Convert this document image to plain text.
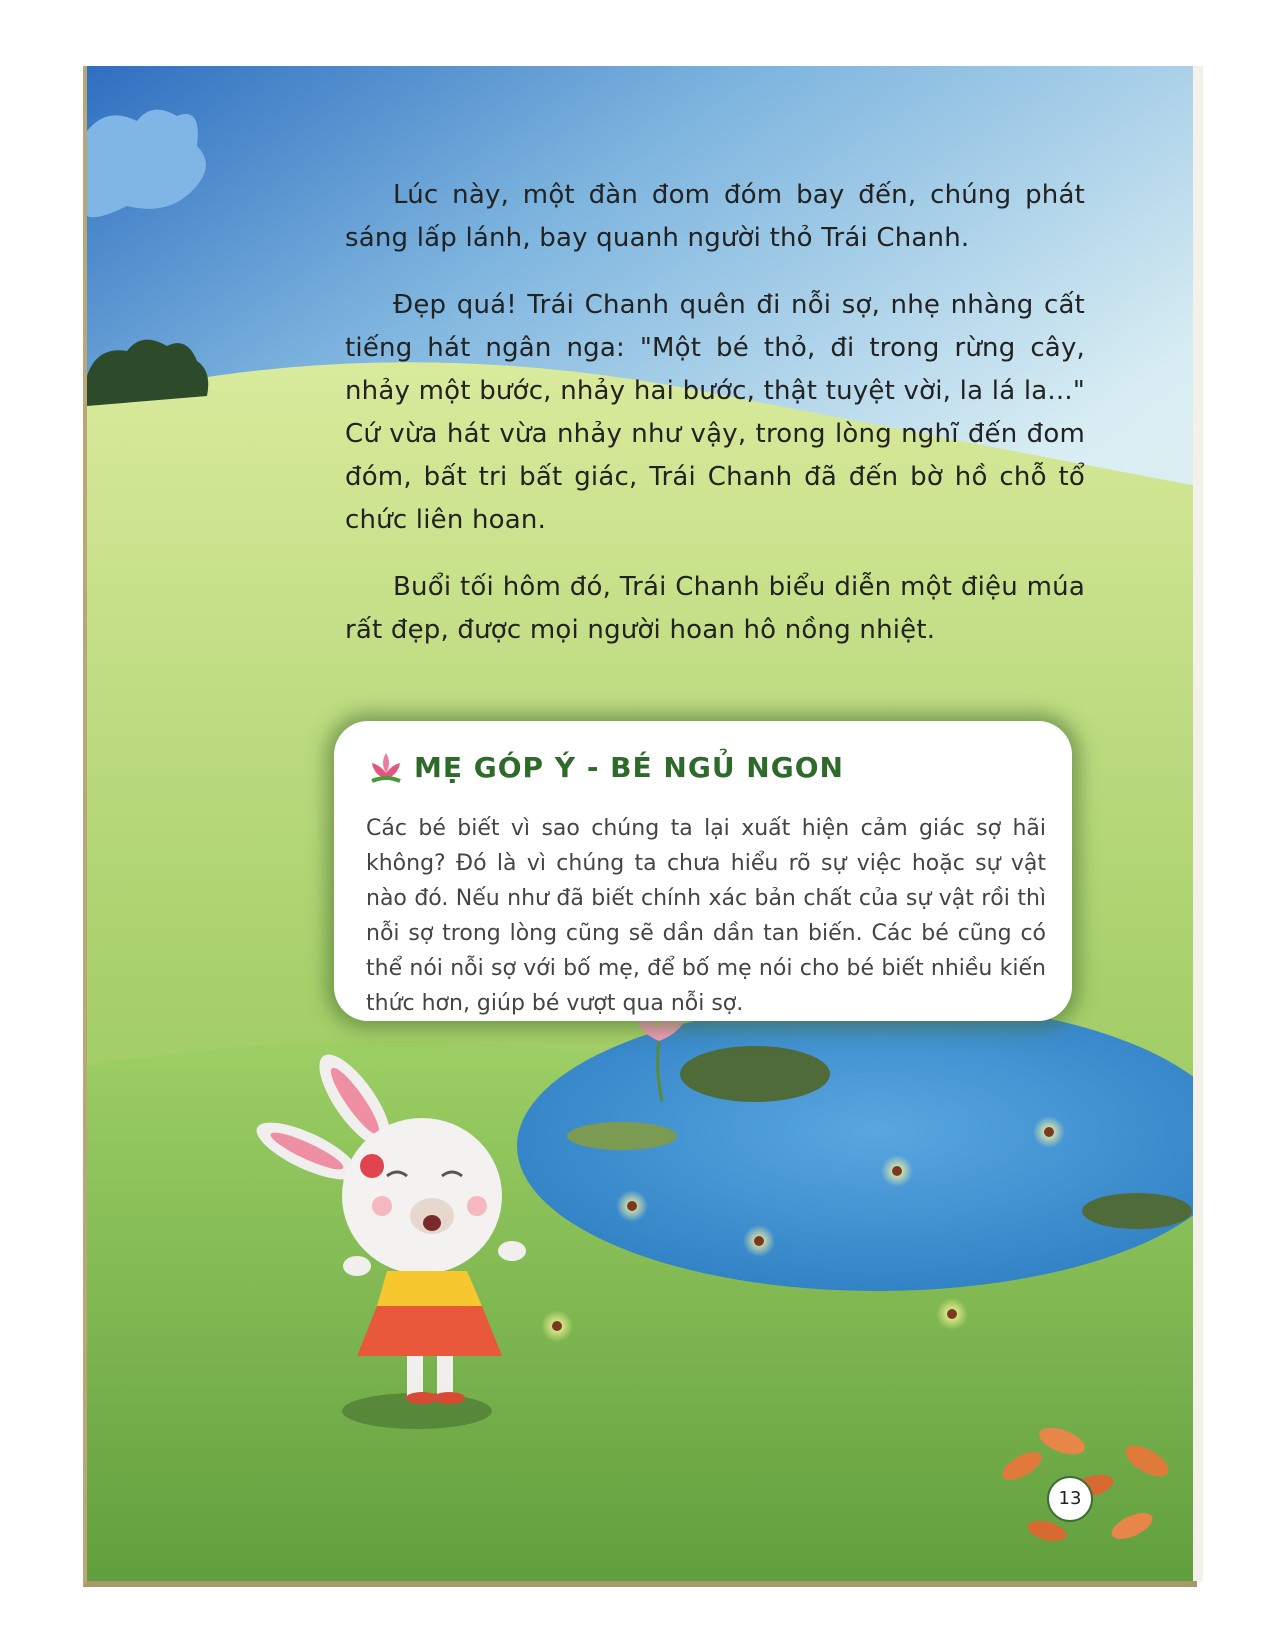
Lúc này, một đàn đom đóm bay đến, chúng phát sáng lấp lánh, bay quanh người thỏ Trái Chanh.

Đẹp quá! Trái Chanh quên đi nỗi sợ, nhẹ nhàng cất tiếng hát ngân nga: "Một bé thỏ, đi trong rừng cây, nhảy một bước, nhảy hai bước, thật tuyệt vời, la lá la..." Cứ vừa hát vừa nhảy như vậy, trong lòng nghĩ đến đom đóm, bất tri bất giác, Trái Chanh đã đến bờ hồ chỗ tổ chức liên hoan.

Buổi tối hôm đó, Trái Chanh biểu diễn một điệu múa rất đẹp, được mọi người hoan hô nồng nhiệt.

MẸ GÓP Ý - BÉ NGỦ NGON

Các bé biết vì sao chúng ta lại xuất hiện cảm giác sợ hãi không? Đó là vì chúng ta chưa hiểu rõ sự việc hoặc sự vật nào đó. Nếu như đã biết chính xác bản chất của sự vật rồi thì nỗi sợ trong lòng cũng sẽ dần dần tan biến. Các bé cũng có thể nói nỗi sợ với bố mẹ, để bố mẹ nói cho bé biết nhiều kiến thức hơn, giúp bé vượt qua nỗi sợ.

13
